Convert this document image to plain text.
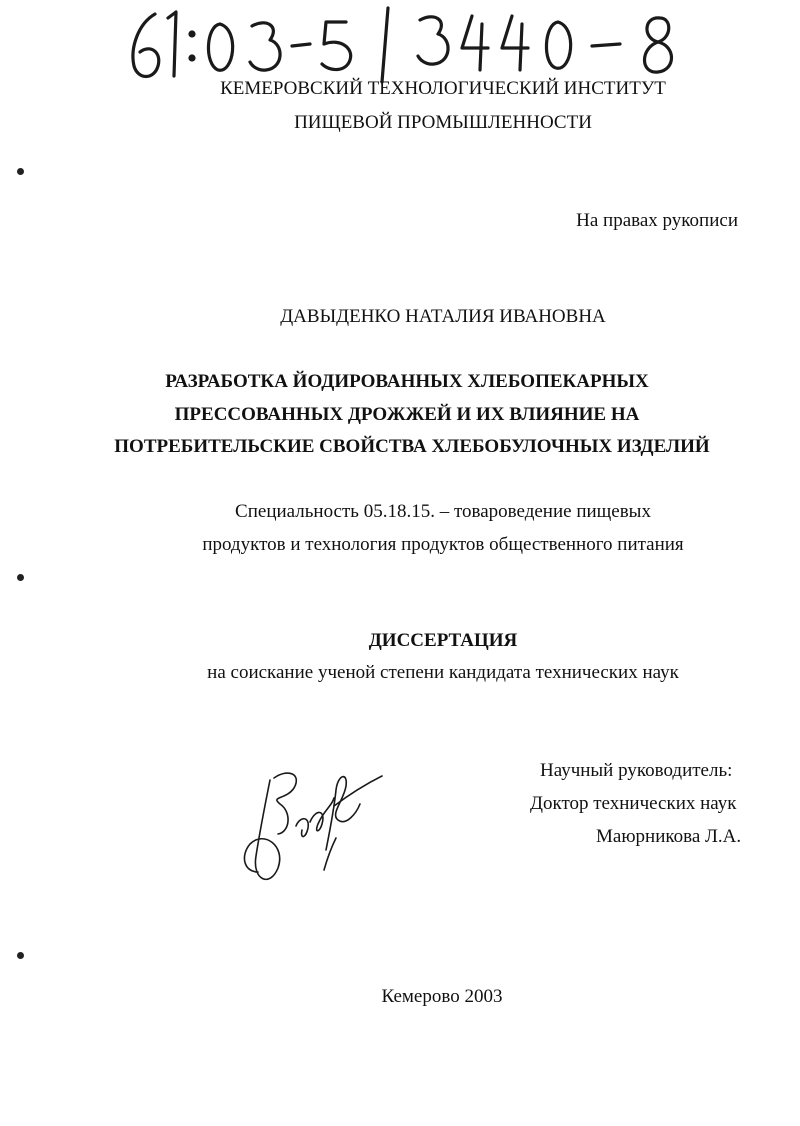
КЕМЕРОВСКИЙ ТЕХНОЛОГИЧЕСКИЙ ИНСТИТУТ
ПИЩЕВОЙ ПРОМЫШЛЕННОСТИ
На правах рукописи
ДАВЫДЕНКО НАТАЛИЯ ИВАНОВНА
РАЗРАБОТКА ЙОДИРОВАННЫХ ХЛЕБОПЕКАРНЫХ
ПРЕССОВАННЫХ ДРОЖЖЕЙ И ИХ ВЛИЯНИЕ НА
ПОТРЕБИТЕЛЬСКИЕ СВОЙСТВА ХЛЕБОБУЛОЧНЫХ ИЗДЕЛИЙ
Специальность 05.18.15. – товароведение пищевых
продуктов и технология продуктов общественного питания
ДИССЕРТАЦИЯ
на соискание ученой степени кандидата технических наук
Научный руководитель:
Доктор технических наук
Маюрникова Л.А.
Кемерово 2003
